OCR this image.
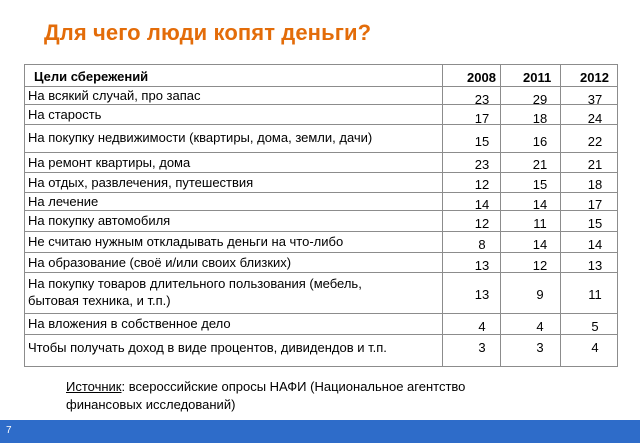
Для чего люди копят деньги?
Цели сбережений	2008 2011 2012
На всякий случай, про запас
На старость
На покупку недвижимости (квартиры, дома, земли, дачи)
На ремонт квартиры, дома
На отдых, развлечения, путешествия
На лечение
На покупку автомобиля
Не считаю нужным откладывать деньги на что-либо
На образование (своё и/или своих близких)
На покупку товаров длительного пользования (мебель,
бытовая техника, и т.п.)
На вложения в собственное дело
Чтобы получать доход в виде процентов, дивидендов и т.п.
23
17
15
23
12
14
12
8
13
13
4
3
29
18
16
21
15
14
11
14
12
9
4
3
37
24
22
21
18
17
15
14
13
11
5
4
Источник: всероссийские опросы НАФИ (Национальное агентство
финансовых исследований)
7
